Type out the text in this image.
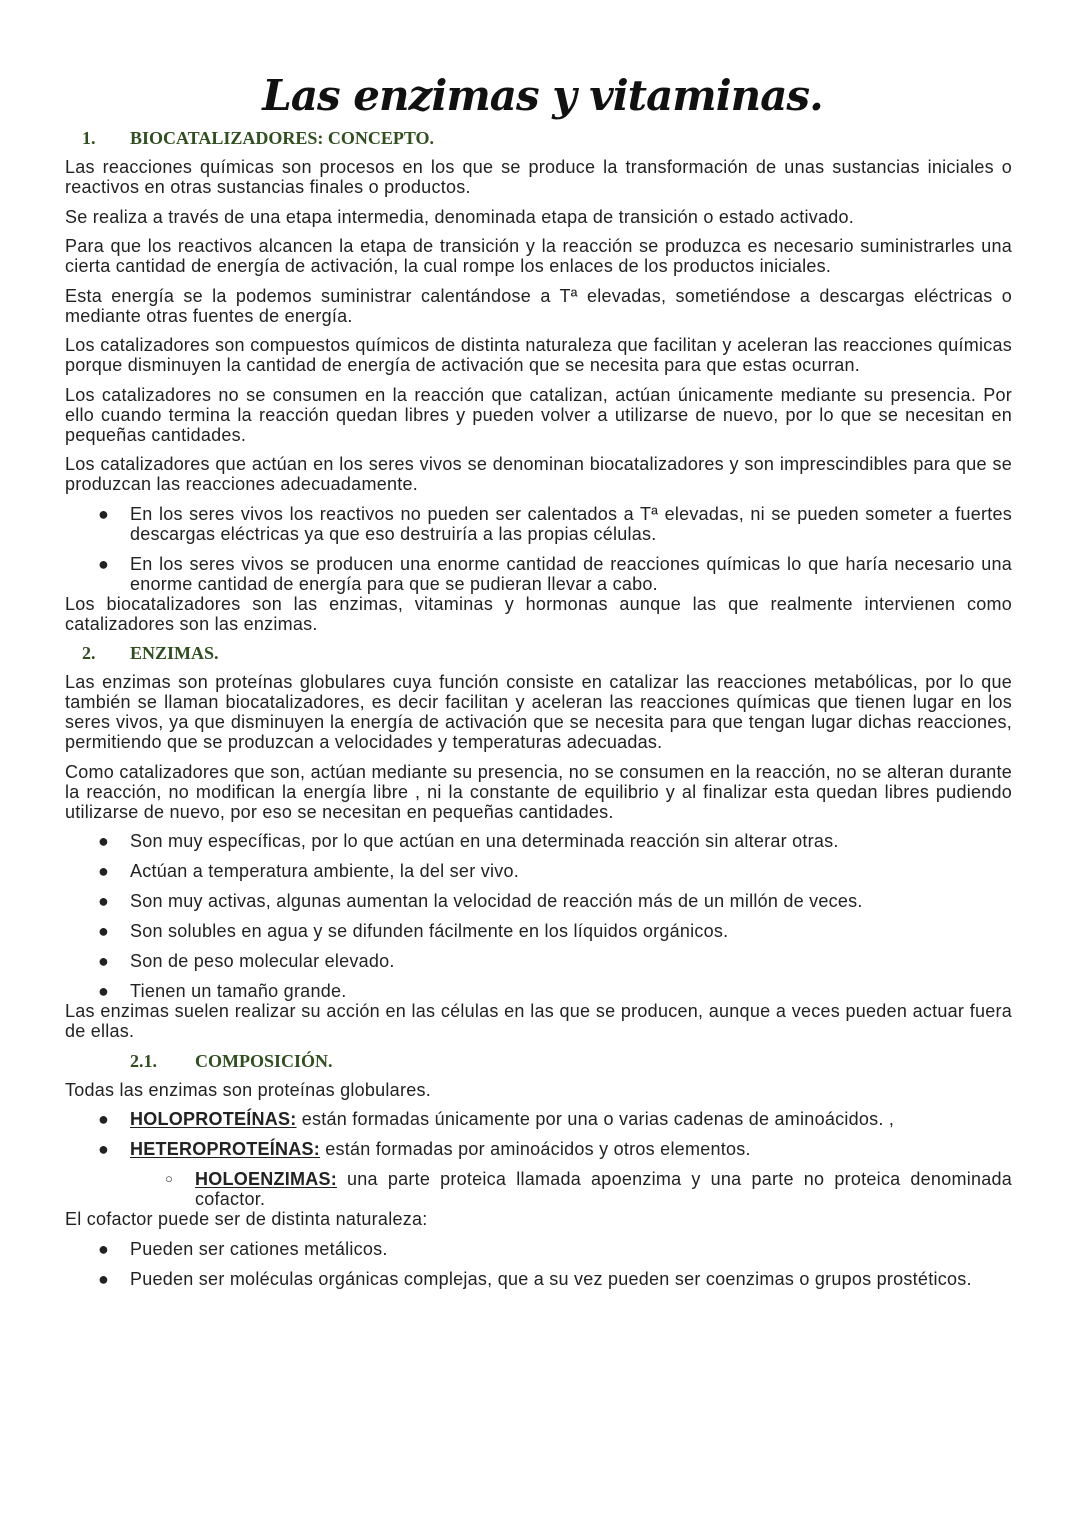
Las enzimas y vitaminas.
1.	BIOCATALIZADORES: CONCEPTO.

Las reacciones químicas son procesos en los que se produce la transformación de unas sustancias iniciales o reactivos en otras sustancias finales o productos.

Se realiza a través de una etapa intermedia, denominada etapa de transición o estado activado.

Para que los reactivos alcancen la etapa de transición y la reacción se produzca es necesario suministrarles una cierta cantidad de energía de activación, la cual rompe los enlaces de los productos iniciales.

Esta energía se la podemos suministrar calentándose a Tª elevadas, sometiéndose a descargas eléctricas o mediante otras fuentes de energía.

Los catalizadores son compuestos químicos de distinta naturaleza que facilitan y aceleran las reacciones químicas porque disminuyen la cantidad de energía de activación que se necesita para que estas ocurran.

Los catalizadores no se consumen en la reacción que catalizan, actúan únicamente mediante su presencia. Por ello cuando termina la reacción quedan libres y pueden volver a utilizarse de nuevo, por lo que se necesitan en pequeñas cantidades.

Los catalizadores que actúan en los seres vivos se denominan biocatalizadores y son imprescindibles para que se produzcan las reacciones adecuadamente.

● En los seres vivos los reactivos no pueden ser calentados a Tª elevadas, ni se pueden someter a fuertes descargas eléctricas ya que eso destruiría a las propias células.
● En los seres vivos se producen una enorme cantidad de reacciones químicas lo que haría necesario una enorme cantidad de energía para que se pudieran llevar a cabo.

Los biocatalizadores son las enzimas, vitaminas y hormonas aunque las que realmente intervienen como catalizadores son las enzimas.

2.	ENZIMAS.

Las enzimas son proteínas globulares cuya función consiste en catalizar las reacciones metabólicas, por lo que también se llaman biocatalizadores, es decir facilitan y aceleran las reacciones químicas que tienen lugar en los seres vivos, ya que disminuyen la energía de activación que se necesita para que tengan lugar dichas reacciones, permitiendo que se produzcan a velocidades y temperaturas adecuadas.

Como catalizadores que son, actúan mediante su presencia, no se consumen en la reacción, no se alteran durante la reacción, no modifican la energía libre , ni la constante de equilibrio y al finalizar esta quedan libres pudiendo utilizarse de nuevo, por eso se necesitan en pequeñas cantidades.

● Son muy específicas, por lo que actúan en una determinada reacción sin alterar otras.
● Actúan a temperatura ambiente, la del ser vivo.
● Son muy activas, algunas aumentan la velocidad de reacción más de un millón de veces.
● Son solubles en agua y se difunden fácilmente en los líquidos orgánicos.
● Son de peso molecular elevado.
● Tienen un tamaño grande.

Las enzimas suelen realizar su acción en las células en las que se producen, aunque a veces pueden actuar fuera de ellas.

2.1.	COMPOSICIÓN.

Todas las enzimas son proteínas globulares.

● HOLOPROTEÍNAS: están formadas únicamente por una o varias cadenas de aminoácidos. ,
● HETEROPROTEÍNAS: están formadas por aminoácidos y otros elementos.
○ HOLOENZIMAS: una parte proteica llamada apoenzima y una parte no proteica denominada cofactor.

El cofactor puede ser de distinta naturaleza:

● Pueden ser cationes metálicos.
● Pueden ser moléculas orgánicas complejas, que a su vez pueden ser coenzimas o grupos prostéticos.
